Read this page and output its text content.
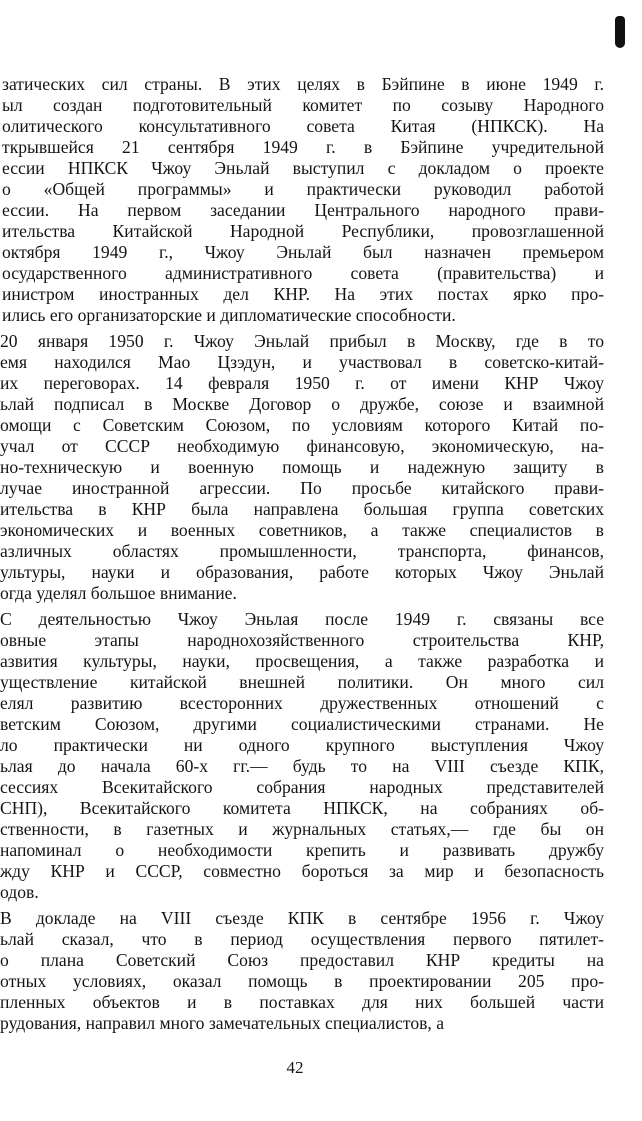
затических сил страны. В этих целях в Бэйпине в июне 1949 г.
ыл создан подготовительный комитет по созыву Народного
олитического консультативного совета Китая (НПКСК). На
ткрывшейся 21 сентября 1949 г. в Бэйпине учредительной
ессии НПКСК Чжоу Эньлай выступил с докладом о проекте
о «Общей программы» и практически руководил работой
ессии. На первом заседании Центрального народного прави-
ительства Китайской Народной Республики, провозглашенной
октября 1949 г., Чжоу Эньлай был назначен премьером
осударственного административного совета (правительства) и
инистром иностранных дел КНР. На этих постах ярко про-
ились его организаторские и дипломатические способности.
20 января 1950 г. Чжоу Эньлай прибыл в Москву, где в то
емя находился Мао Цзэдун, и участвовал в советско-китай-
их переговорах. 14 февраля 1950 г. от имени КНР Чжоу
ьлай подписал в Москве Договор о дружбе, союзе и взаимной
омощи с Советским Союзом, по условиям которого Китай по-
учал от СССР необходимую финансовую, экономическую, на-
но-техническую и военную помощь и надежную защиту в
лучае иностранной агрессии. По просьбе китайского прави-
ительства в КНР была направлена большая группа советских
экономических и военных советников, а также специалистов в
азличных областях промышленности, транспорта, финансов,
ультуры, науки и образования, работе которых Чжоу Эньлай
огда уделял большое внимание.
С деятельностью Чжоу Эньлая после 1949 г. связаны все
овные этапы народнохозяйственного строительства КНР,
азвития культуры, науки, просвещения, а также разработка и
уществление китайской внешней политики. Он много сил
елял развитию всесторонних дружественных отношений с
ветским Союзом, другими социалистическими странами. Не
ло практически ни одного крупного выступления Чжоу
ьлая до начала 60-х гг.— будь то на VIII съезде КПК,
сессиях Всекитайского собрания народных представителей
СНП), Всекитайского комитета НПКСК, на собраниях об-
ственности, в газетных и журнальных статьях,— где бы он
напоминал о необходимости крепить и развивать дружбу
жду КНР и СССР, совместно бороться за мир и безопасность
одов.
В докладе на VIII съезде КПК в сентябре 1956 г. Чжоу
ьлай сказал, что в период осуществления первого пятилет-
о плана Советский Союз предоставил КНР кредиты на
отных условиях, оказал помощь в проектировании 205 про-
пленных объектов и в поставках для них большей части
рудования, направил много замечательных специалистов, а
42
